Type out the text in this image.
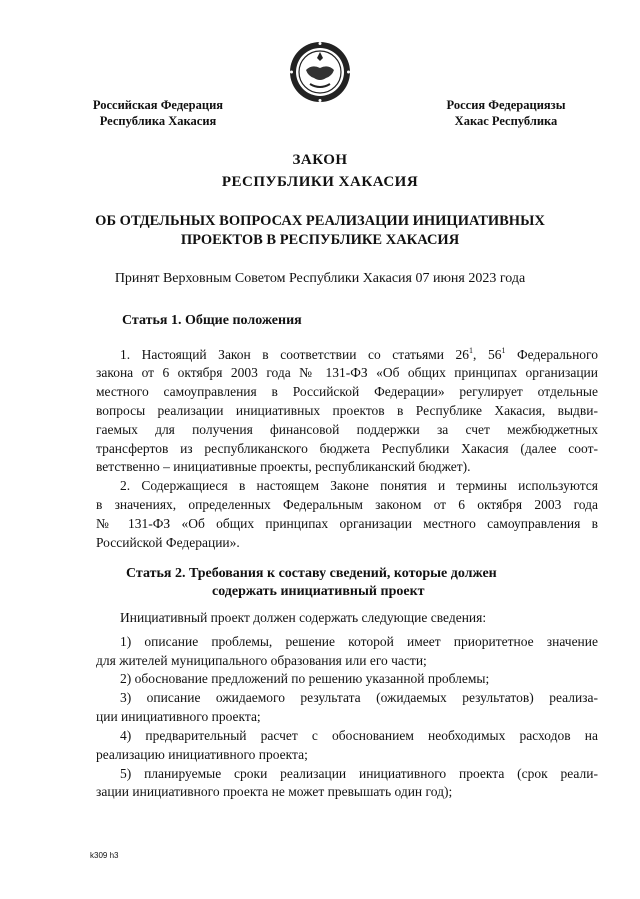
Российская Федерация
Республика Хакасия
Россия Федерациязы
Хакас Республика
ЗАКОН
РЕСПУБЛИКИ ХАКАСИЯ
ОБ ОТДЕЛЬНЫХ ВОПРОСАХ РЕАЛИЗАЦИИ ИНИЦИАТИВНЫХ
ПРОЕКТОВ В РЕСПУБЛИКЕ ХАКАСИЯ
Принят Верховным Советом Республики Хакасия 07 июня 2023 года
Статья 1. Общие положения
1. Настоящий Закон в соответствии со статьями $26^1$, $56^1$ Федерального
закона от 6 октября 2003 года № 131-ФЗ «Об общих принципах организации
местного самоуправления в Российской Федерации» регулирует отдельные
вопросы реализации инициативных проектов в Республике Хакасия, выдви-
гаемых для получения финансовой поддержки за счет межбюджетных
трансфертов из республиканского бюджета Республики Хакасия (далее соот-
ветственно – инициативные проекты, республиканский бюджет).
2. Содержащиеся в настоящем Законе понятия и термины используются
в значениях, определенных Федеральным законом от 6 октября 2003 года
№ 131-ФЗ «Об общих принципах организации местного самоуправления в
Российской Федерации».
Статья 2. Требования к составу сведений, которые должен
содержать инициативный проект
Инициативный проект должен содержать следующие сведения:
1) описание проблемы, решение которой имеет приоритетное значение
для жителей муниципального образования или его части;
2) обоснование предложений по решению указанной проблемы;
3) описание ожидаемого результата (ожидаемых результатов) реализа-
ции инициативного проекта;
4) предварительный расчет с обоснованием необходимых расходов на
реализацию инициативного проекта;
5) планируемые сроки реализации инициативного проекта (срок реали-
зации инициативного проекта не может превышать один год);
k309 h3
